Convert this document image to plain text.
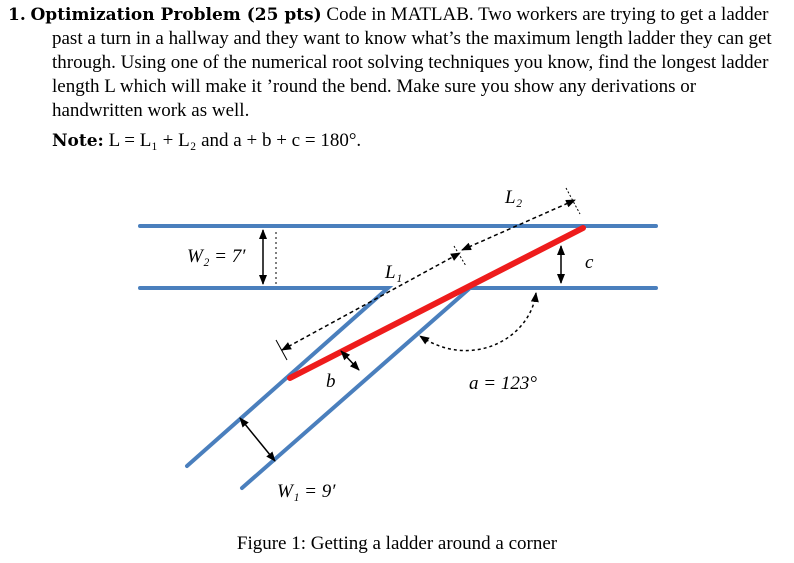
1. Optimization Problem (25 pts) Code in MATLAB. Two workers are trying to get a ladder past a turn in a hallway and they want to know what’s the maximum length ladder they can get through. Using one of the numerical root solving techniques you know, find the longest ladder length L which will make it ’round the bend. Make sure you show any derivations or handwritten work as well.
Note: L = L₁ + L₂ and a + b + c = 180°.
W₂ = 7′
W₁ = 9′
L₁
L₂
a = 123°
b
c
Figure 1: Getting a ladder around a corner
